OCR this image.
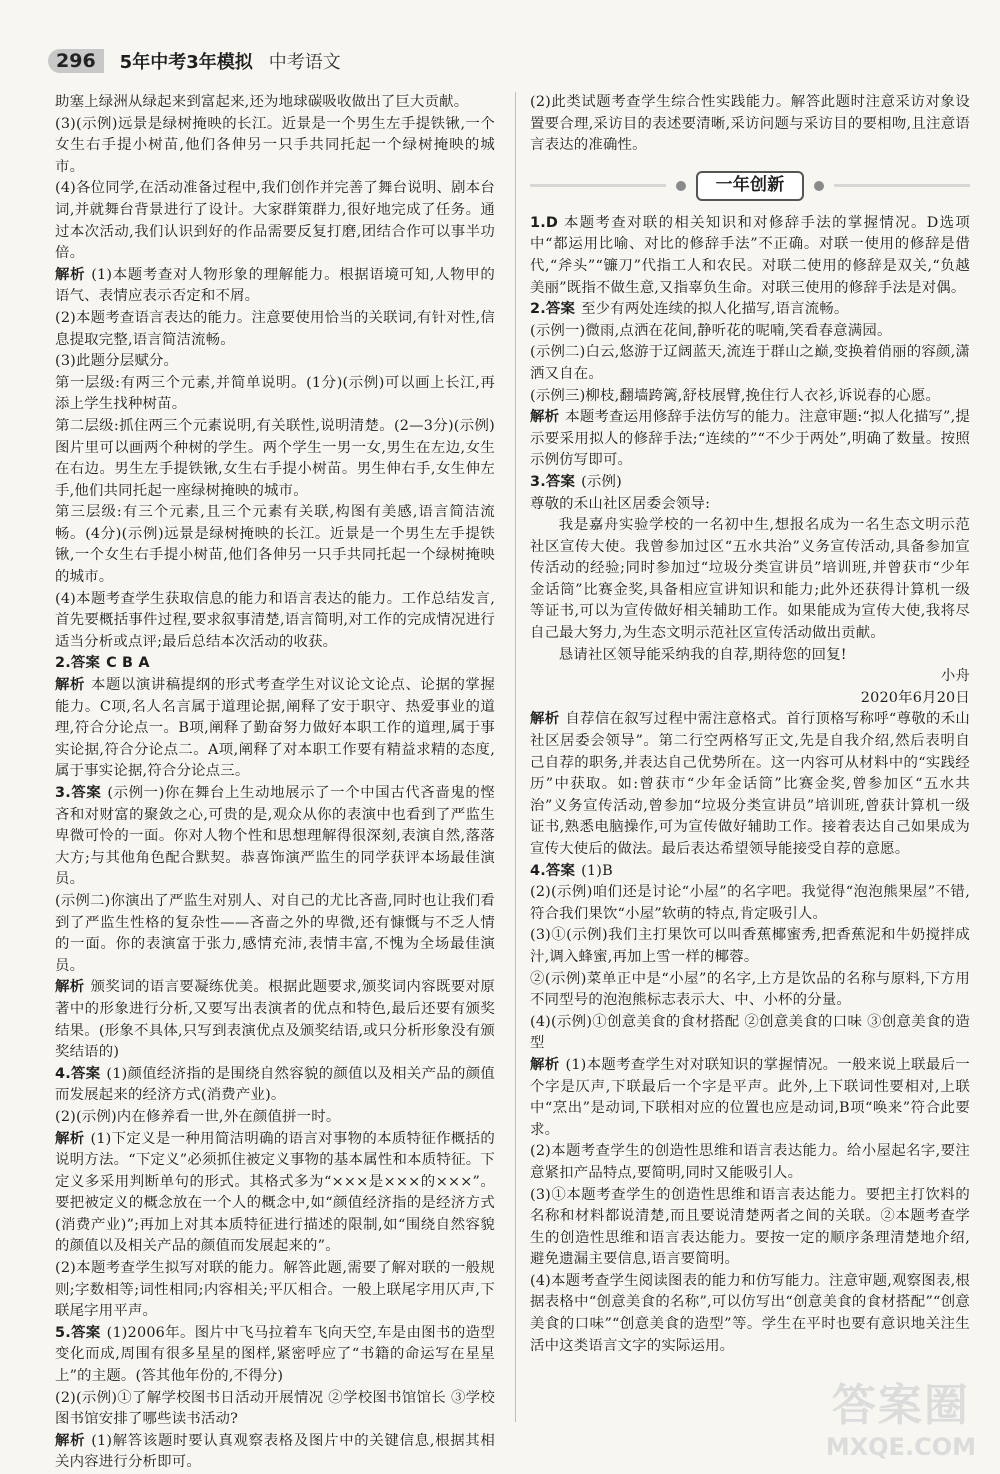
296	5年中考3年模拟 中考语文

助塞上绿洲从绿起来到富起来,还为地球碳吸收做出了巨大贡献。

(3)(示例)远景是绿树掩映的长江。近景是一个男生左手提铁锹,一个女生右手提小树苗,他们各伸另一只手共同托起一个绿树掩映的城市。

(4)各位同学,在活动准备过程中,我们创作并完善了舞台说明、剧本台词,并就舞台背景进行了设计。大家群策群力,很好地完成了任务。通过本次活动,我们认识到好的作品需要反复打磨,团结合作可以事半功倍。

解析 (1)本题考查对人物形象的理解能力。根据语境可知,人物甲的语气、表情应表示否定和不屑。

(2)本题考查语言表达的能力。注意要使用恰当的关联词,有针对性,信息提取完整,语言简洁流畅。

(3)此题分层赋分。

第一层级:有两三个元素,并简单说明。(1分)(示例)可以画上长江,再添上学生找种树苗。

第二层级:抓住两三个元素说明,有关联性,说明清楚。(2—3分)(示例)图片里可以画两个种树的学生。两个学生一男一女,男生在左边,女生在右边。男生左手提铁锹,女生右手提小树苗。男生伸右手,女生伸左手,他们共同托起一座绿树掩映的城市。

第三层级:有三个元素,且三个元素有关联,构图有美感,语言简洁流畅。(4分)(示例)远景是绿树掩映的长江。近景是一个男生左手提铁锹,一个女生右手提小树苗,他们各伸另一只手共同托起一个绿树掩映的城市。

(4)本题考查学生获取信息的能力和语言表达的能力。工作总结发言,首先要概括事件过程,要求叙事清楚,语言简明,对工作的完成情况进行适当分析或点评;最后总结本次活动的收获。

2.答案 C B A

解析 本题以演讲稿提纲的形式考查学生对议论文论点、论据的掌握能力。C项,名人名言属于道理论据,阐释了安于职守、热爱事业的道理,符合分论点一。B项,阐释了勤奋努力做好本职工作的道理,属于事实论据,符合分论点二。A项,阐释了对本职工作要有精益求精的态度,属于事实论据,符合分论点三。

3.答案 (示例一)你在舞台上生动地展示了一个中国古代吝啬鬼的悭吝和对财富的聚敛之心,可贵的是,观众从你的表演中也看到了严监生卑微可怜的一面。你对人物个性和思想理解得很深刻,表演自然,落落大方;与其他角色配合默契。恭喜饰演严监生的同学获评本场最佳演员。

(示例二)你演出了严监生对别人、对自己的尤比吝啬,同时也让我们看到了严监生性格的复杂性——吝啬之外的卑微,还有慷慨与不乏人情的一面。你的表演富于张力,感情充沛,表情丰富,不愧为全场最佳演员。

解析 颁奖词的语言要凝练优美。根据此题要求,颁奖词内容既要对原著中的形象进行分析,又要写出表演者的优点和特色,最后还要有颁奖结果。(形象不具体,只写到表演优点及颁奖结语,或只分析形象没有颁奖结语的)

4.答案 (1)颜值经济指的是围绕自然容貌的颜值以及相关产品的颜值而发展起来的经济方式(消费产业)。

(2)(示例)内在修养看一世,外在颜值拼一时。

解析 (1)下定义是一种用简洁明确的语言对事物的本质特征作概括的说明方法。“下定义”必须抓住被定义事物的基本属性和本质特征。下定义多采用判断单句的形式。其格式多为“×××是×××的×××”。要把被定义的概念放在一个人的概念中,如“颜值经济指的是经济方式(消费产业)”;再加上对其本质特征进行描述的限制,如“围绕自然容貌的颜值以及相关产品的颜值而发展起来的”。

(2)本题考查学生拟写对联的能力。解答此题,需要了解对联的一般规则;字数相等;词性相同;内容相关;平仄相合。一般上联尾字用仄声,下联尾字用平声。

5.答案 (1)2006年。图片中飞马拉着车飞向天空,车是由图书的造型变化而成,周围有很多星星的图样,紧密呼应了“书籍的命运写在星星上”的主题。(答其他年份的,不得分)

(2)(示例)①了解学校图书日活动开展情况 ②学校图书馆馆长 ③学校图书馆安排了哪些读书活动?

解析 (1)解答该题时要认真观察表格及图片中的关键信息,根据其相关内容进行分析即可。

(2)此类试题考查学生综合性实践能力。解答此题时注意采访对象设置要合理,采访目的表述要清晰,采访问题与采访目的要相吻,且注意语言表达的准确性。

一年创新

1.D 本题考查对联的相关知识和对修辞手法的掌握情况。D选项中“都运用比喻、对比的修辞手法”不正确。对联一使用的修辞是借代,“斧头”“镰刀”代指工人和农民。对联二使用的修辞是双关,“负越美丽”既指不做生意,又指辜负生命。对联三使用的修辞手法是对偶。

2.答案 至少有两处连续的拟人化描写,语言流畅。

(示例一)微雨,点洒在花间,静听花的呢喃,笑看春意满园。

(示例二)白云,悠游于辽阔蓝天,流连于群山之巅,变换着俏丽的容颜,潇洒又自在。

(示例三)柳枝,翻墙跨篱,舒枝展臂,挽住行人衣衫,诉说春的心愿。

解析 本题考查运用修辞手法仿写的能力。注意审题:“拟人化描写”,提示要采用拟人的修辞手法;“连续的”“不少于两处”,明确了数量。按照示例仿写即可。

3.答案 (示例)

尊敬的禾山社区居委会领导:

我是嘉舟实验学校的一名初中生,想报名成为一名生态文明示范社区宣传大使。我曾参加过区“五水共治”义务宣传活动,具备参加宣传活动的经验;同时参加过“垃圾分类宣讲员”培训班,并曾获市“少年金话筒”比赛金奖,具备相应宣讲知识和能力;此外还获得计算机一级等证书,可以为宣传做好相关辅助工作。如果能成为宣传大使,我将尽自己最大努力,为生态文明示范社区宣传活动做出贡献。

恳请社区领导能采纳我的自荐,期待您的回复!

小舟

2020年6月20日

解析 自荐信在叙写过程中需注意格式。首行顶格写称呼“尊敬的禾山社区居委会领导”。第二行空两格写正文,先是自我介绍,然后表明自己自荐的职务,并表达自己优势所在。这一内容可从材料中的“实践经历”中获取。如:曾获市“少年金话筒”比赛金奖,曾参加区“五水共治”义务宣传活动,曾参加“垃圾分类宣讲员”培训班,曾获计算机一级证书,熟悉电脑操作,可为宣传做好辅助工作。接着表达自己如果成为宣传大使后的做法。最后表达希望领导能接受自荐的意愿。

4.答案 (1)B

(2)(示例)咱们还是讨论“小屋”的名字吧。我觉得“泡泡熊果屋”不错,符合我们果饮“小屋”软萌的特点,肯定吸引人。

(3)①(示例)我们主打果饮可以叫香蕉椰蜜秀,把香蕉泥和牛奶搅拌成汁,调入蜂蜜,再加上雪一样的椰蓉。

②(示例)菜单正中是“小屋”的名字,上方是饮品的名称与原料,下方用不同型号的泡泡熊标志表示大、中、小杯的分量。

(4)(示例)①创意美食的食材搭配 ②创意美食的口味 ③创意美食的造型

解析 (1)本题考查学生对对联知识的掌握情况。一般来说上联最后一个字是仄声,下联最后一个字是平声。此外,上下联词性要相对,上联中“烹出”是动词,下联相对应的位置也应是动词,B项“唤来”符合此要求。

(2)本题考查学生的创造性思维和语言表达能力。给小屋起名字,要注意紧扣产品特点,要简明,同时又能吸引人。

(3)①本题考查学生的创造性思维和语言表达能力。要把主打饮料的名称和材料都说清楚,而且要说清楚两者之间的关联。②本题考查学生的创造性思维和语言表达能力。要按一定的顺序条理清楚地介绍,避免遗漏主要信息,语言要简明。

(4)本题考查学生阅读图表的能力和仿写能力。注意审题,观察图表,根据表格中“创意美食的名称”,可以仿写出“创意美食的食材搭配”“创意美食的口味”“创意美食的造型”等。学生在平时也要有意识地关注生活中这类语言文字的实际运用。

答案圈
MXQE.COM
